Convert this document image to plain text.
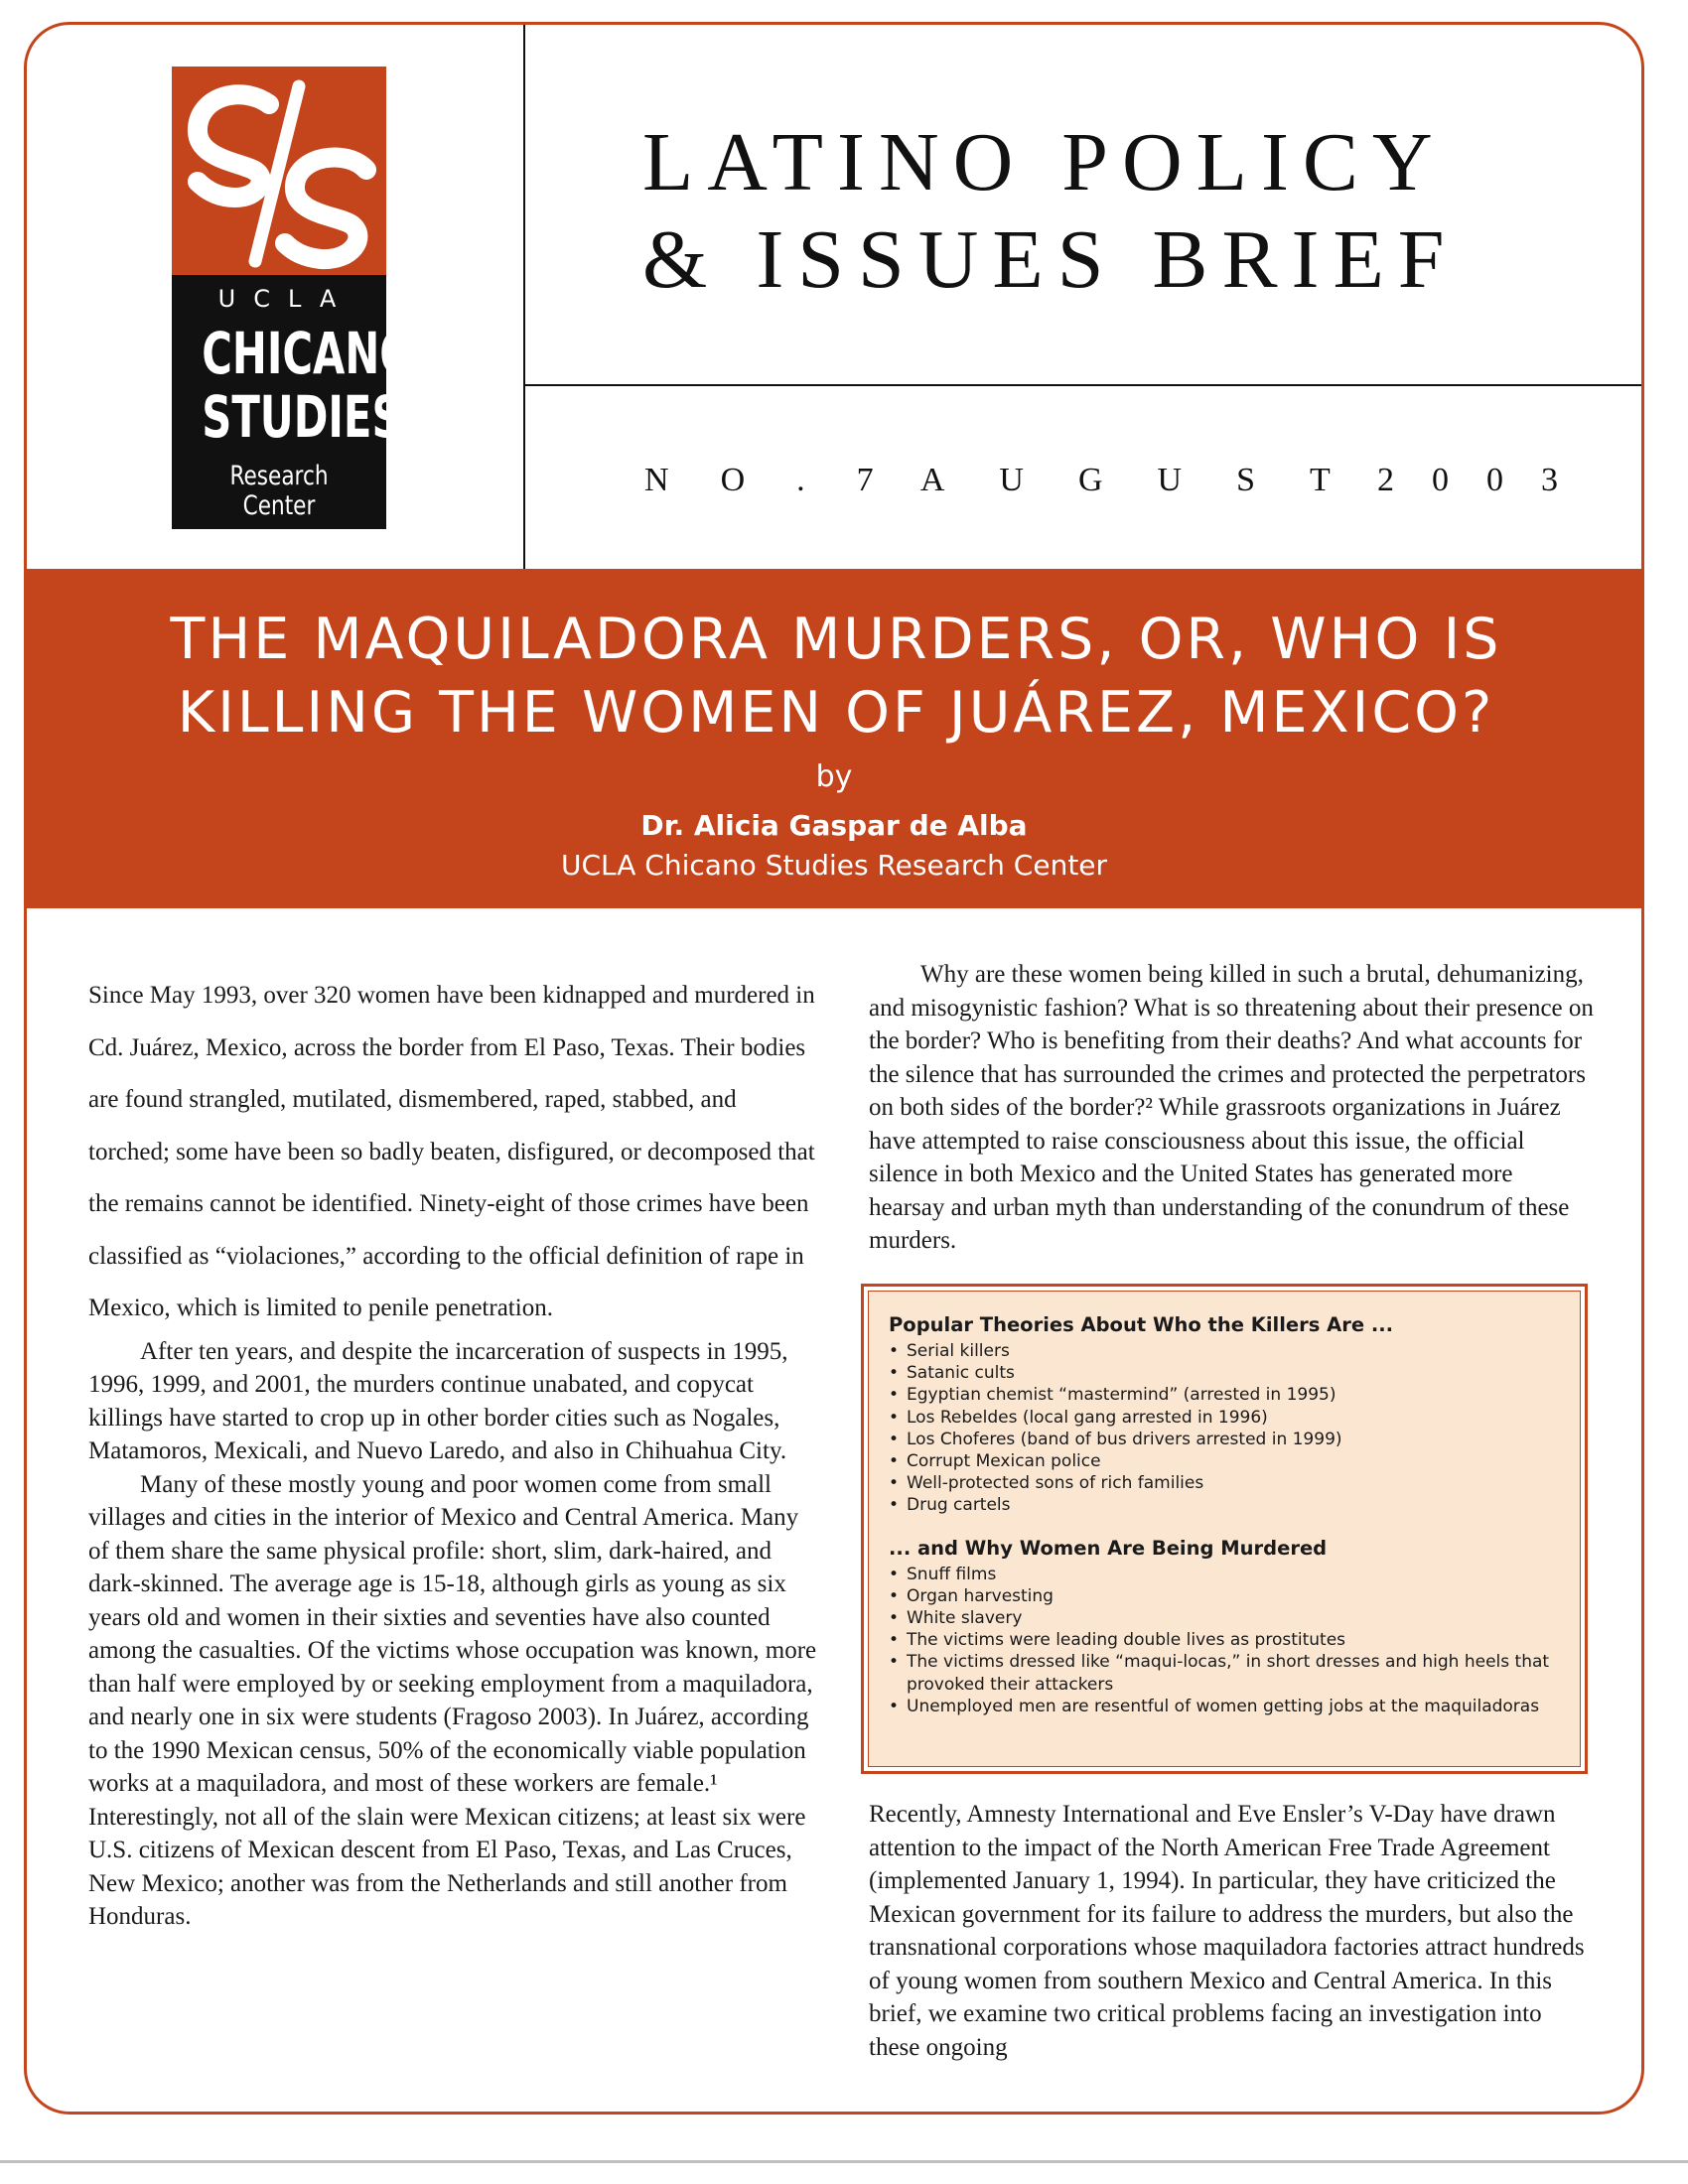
UCLA
CHICANO
STUDIES
Research Center
LATINO POLICY
& ISSUES BRIEF
N O . 7 A U G U S T 2 0 0 3
THE MAQUILADORA MURDERS, OR, WHO IS
KILLING THE WOMEN OF JUÁREZ, MEXICO?
by
Dr. Alicia Gaspar de Alba
UCLA Chicano Studies Research Center

Since May 1993, over 320 women have been kidnapped and murdered in Cd. Juárez, Mexico, across the border from El Paso, Texas. Their bodies are found strangled, mutilated, dismembered, raped, stabbed, and torched; some have been so badly beaten, disfigured, or decomposed that the remains cannot be identified. Ninety-eight of those crimes have been classified as “violaciones,” according to the official definition of rape in Mexico, which is limited to penile penetration.

After ten years, and despite the incarceration of suspects in 1995, 1996, 1999, and 2001, the murders continue unabated, and copycat killings have started to crop up in other border cities such as Nogales, Matamoros, Mexicali, and Nuevo Laredo, and also in Chihuahua City.

Many of these mostly young and poor women come from small villages and cities in the interior of Mexico and Central America. Many of them share the same physical profile: short, slim, dark-haired, and dark-skinned. The average age is 15-18, although girls as young as six years old and women in their sixties and seventies have also counted among the casualties. Of the victims whose occupation was known, more than half were employed by or seeking employment from a maquiladora, and nearly one in six were students (Fragoso 2003). In Juárez, according to the 1990 Mexican census, 50% of the economically viable population works at a maquiladora, and most of these workers are female.¹ Interestingly, not all of the slain were Mexican citizens; at least six were U.S. citizens of Mexican descent from El Paso, Texas, and Las Cruces, New Mexico; another was from the Netherlands and still another from Honduras.

Why are these women being killed in such a brutal, dehumanizing, and misogynistic fashion? What is so threatening about their presence on the border? Who is benefiting from their deaths? And what accounts for the silence that has surrounded the crimes and protected the perpetrators on both sides of the border?² While grassroots organizations in Juárez have attempted to raise consciousness about this issue, the official silence in both Mexico and the United States has generated more hearsay and urban myth than understanding of the conundrum of these murders.

Popular Theories About Who the Killers Are ...
• Serial killers
• Satanic cults
• Egyptian chemist “mastermind” (arrested in 1995)
• Los Rebeldes (local gang arrested in 1996)
• Los Choferes (band of bus drivers arrested in 1999)
• Corrupt Mexican police
• Well-protected sons of rich families
• Drug cartels
... and Why Women Are Being Murdered
• Snuff films
• Organ harvesting
• White slavery
• The victims were leading double lives as prostitutes
• The victims dressed like “maqui-locas,” in short dresses and high heels that provoked their attackers
• Unemployed men are resentful of women getting jobs at the maquiladoras

Recently, Amnesty International and Eve Ensler’s V-Day have drawn attention to the impact of the North American Free Trade Agreement (implemented January 1, 1994). In particular, they have criticized the Mexican government for its failure to address the murders, but also the transnational corporations whose maquiladora factories attract hundreds of young women from southern Mexico and Central America. In this brief, we examine two critical problems facing an investigation into these ongoing
